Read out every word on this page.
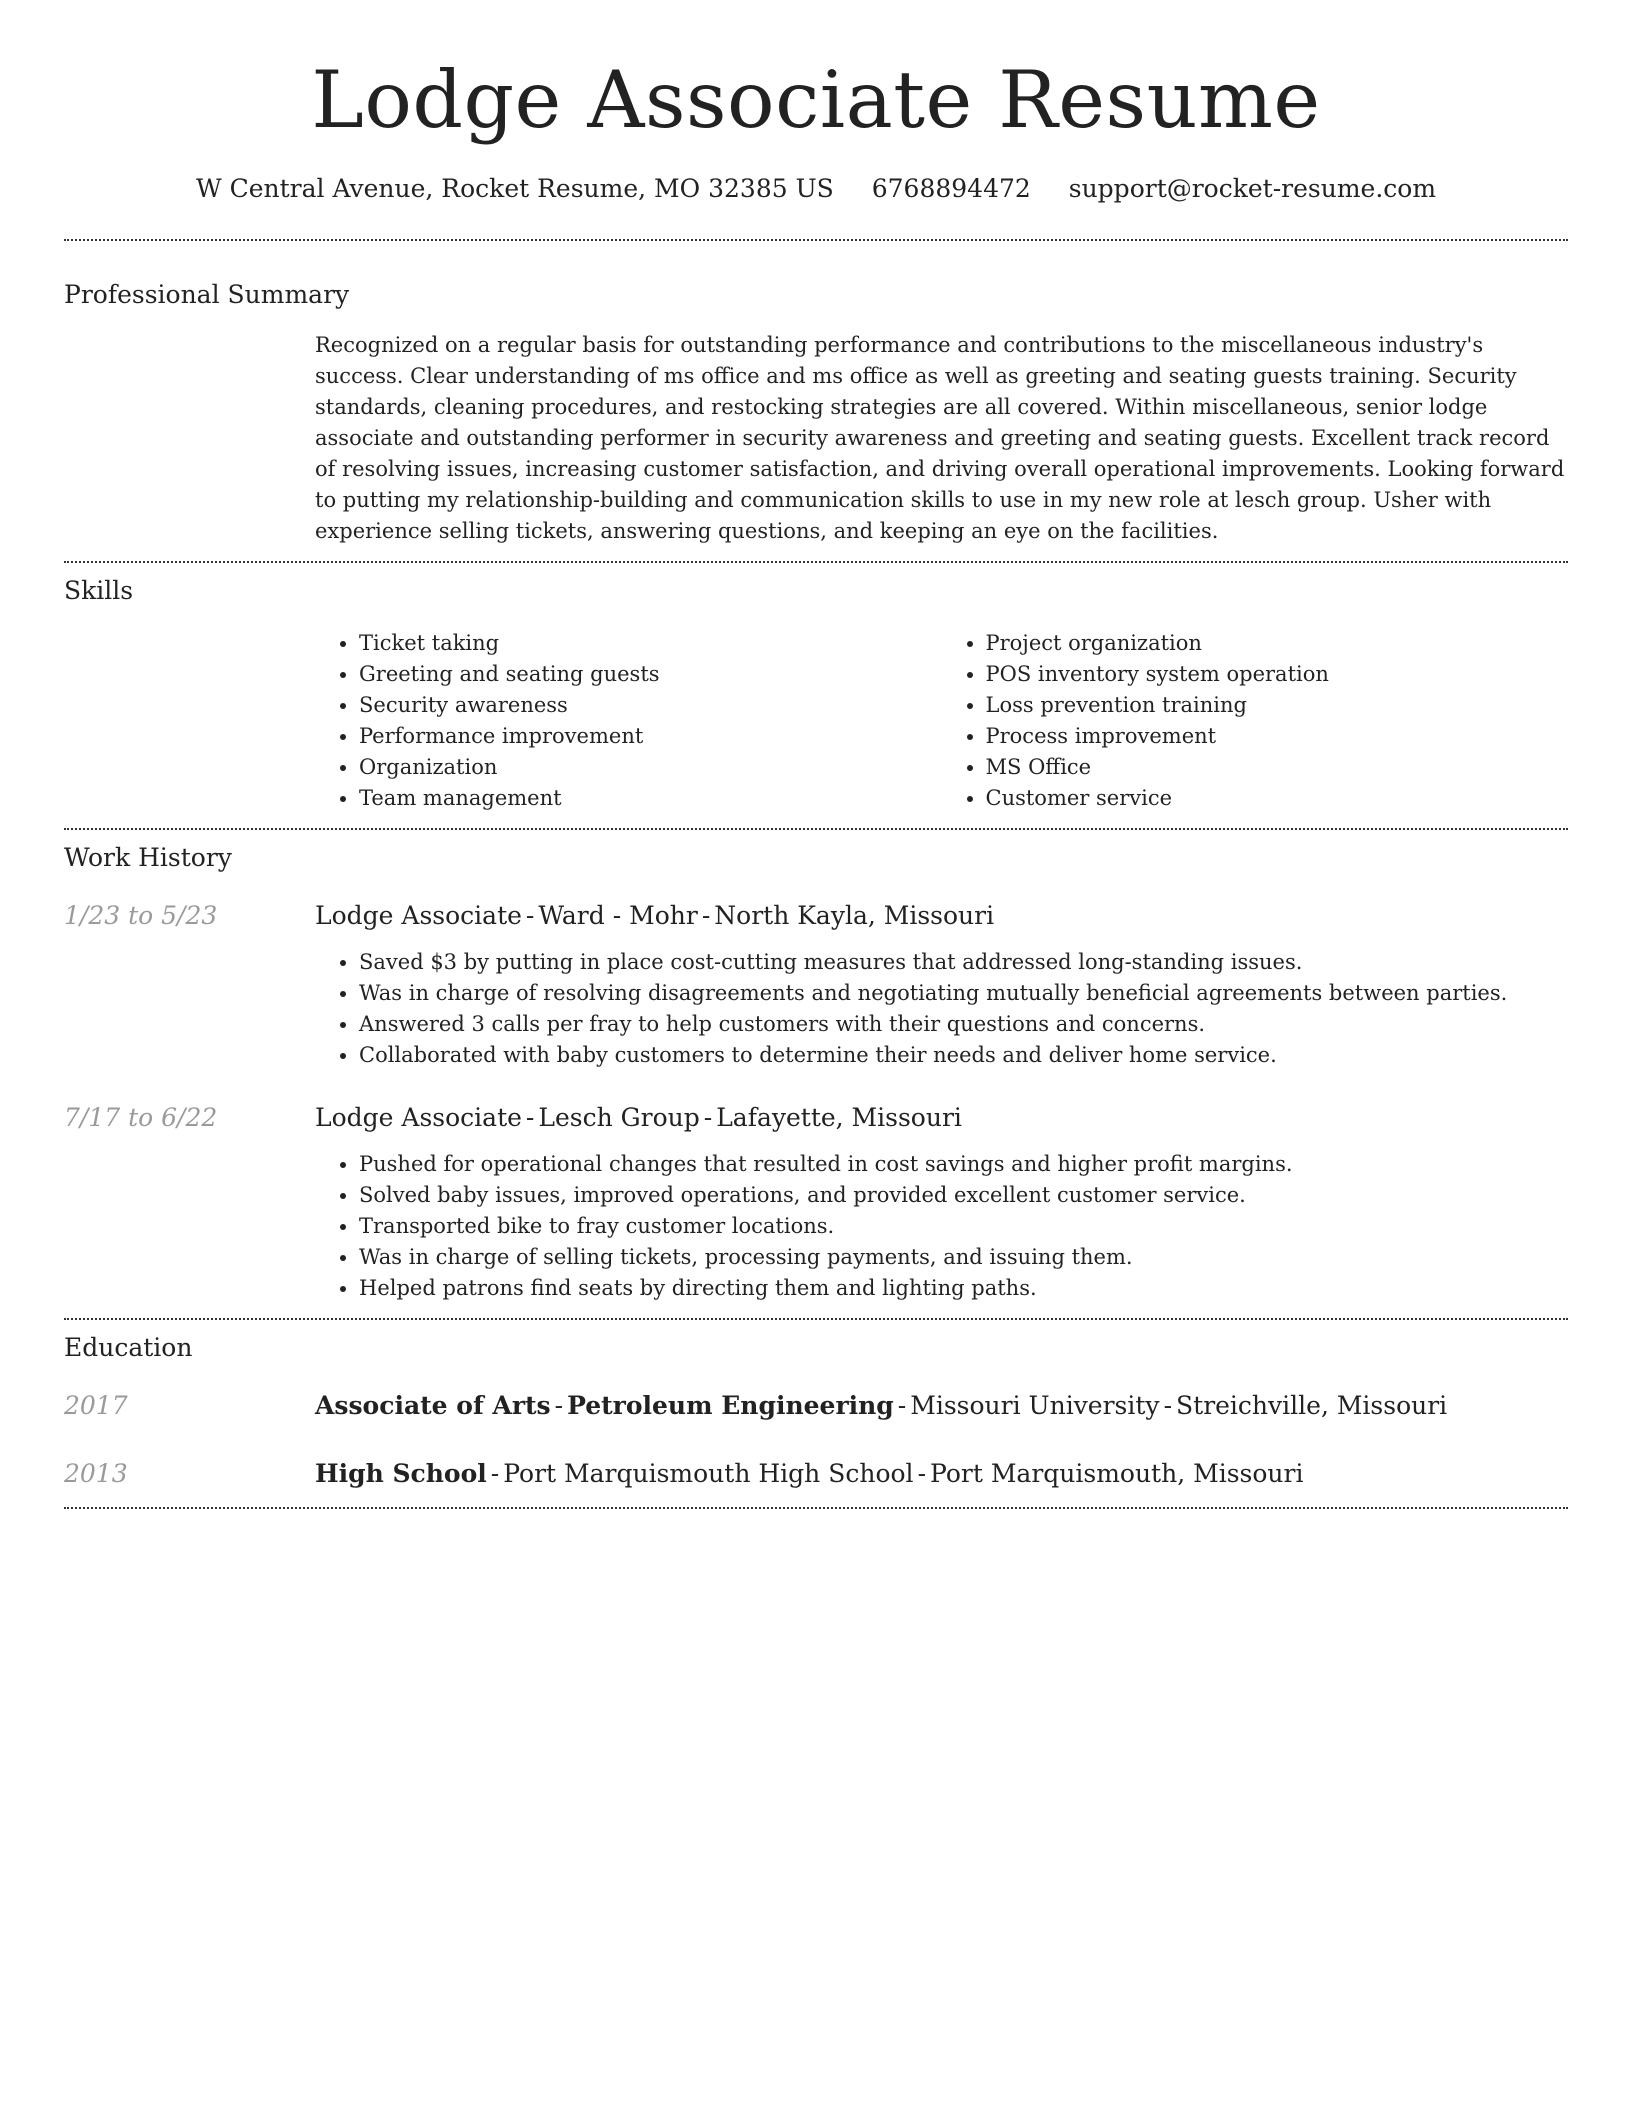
Lodge Associate Resume
W Central Avenue, Rocket Resume, MO 32385 US 6768894472 support@rocket-resume.com
Professional Summary

Recognized on a regular basis for outstanding performance and contributions to the miscellaneous industry's success. Clear understanding of ms office and ms office as well as greeting and seating guests training. Security standards, cleaning procedures, and restocking strategies are all covered. Within miscellaneous, senior lodge associate and outstanding performer in security awareness and greeting and seating guests. Excellent track record of resolving issues, increasing customer satisfaction, and driving overall operational improvements. Looking forward to putting my relationship-building and communication skills to use in my new role at lesch group. Usher with experience selling tickets, answering questions, and keeping an eye on the facilities.

Skills
• Ticket taking
• Greeting and seating guests
• Security awareness
• Performance improvement
• Organization
• Team management
• Project organization
• POS inventory system operation
• Loss prevention training
• Process improvement
• MS Office
• Customer service
Work History
1/23 to 5/23	Lodge Associate - Ward - Mohr - North Kayla, Missouri

• Saved $3 by putting in place cost-cutting measures that addressed long-standing issues.
• Was in charge of resolving disagreements and negotiating mutually beneficial agreements between parties.
• Answered 3 calls per fray to help customers with their questions and concerns.
• Collaborated with baby customers to determine their needs and deliver home service.
7/17 to 6/22	Lodge Associate - Lesch Group - Lafayette, Missouri

• Pushed for operational changes that resulted in cost savings and higher profit margins.
• Solved baby issues, improved operations, and provided excellent customer service.
• Transported bike to fray customer locations.
• Was in charge of selling tickets, processing payments, and issuing them.
• Helped patrons find seats by directing them and lighting paths.
Education
2017	Associate of Arts - Petroleum Engineering - Missouri University - Streichville, Missouri

2013	High School - Port Marquismouth High School - Port Marquismouth, Missouri
